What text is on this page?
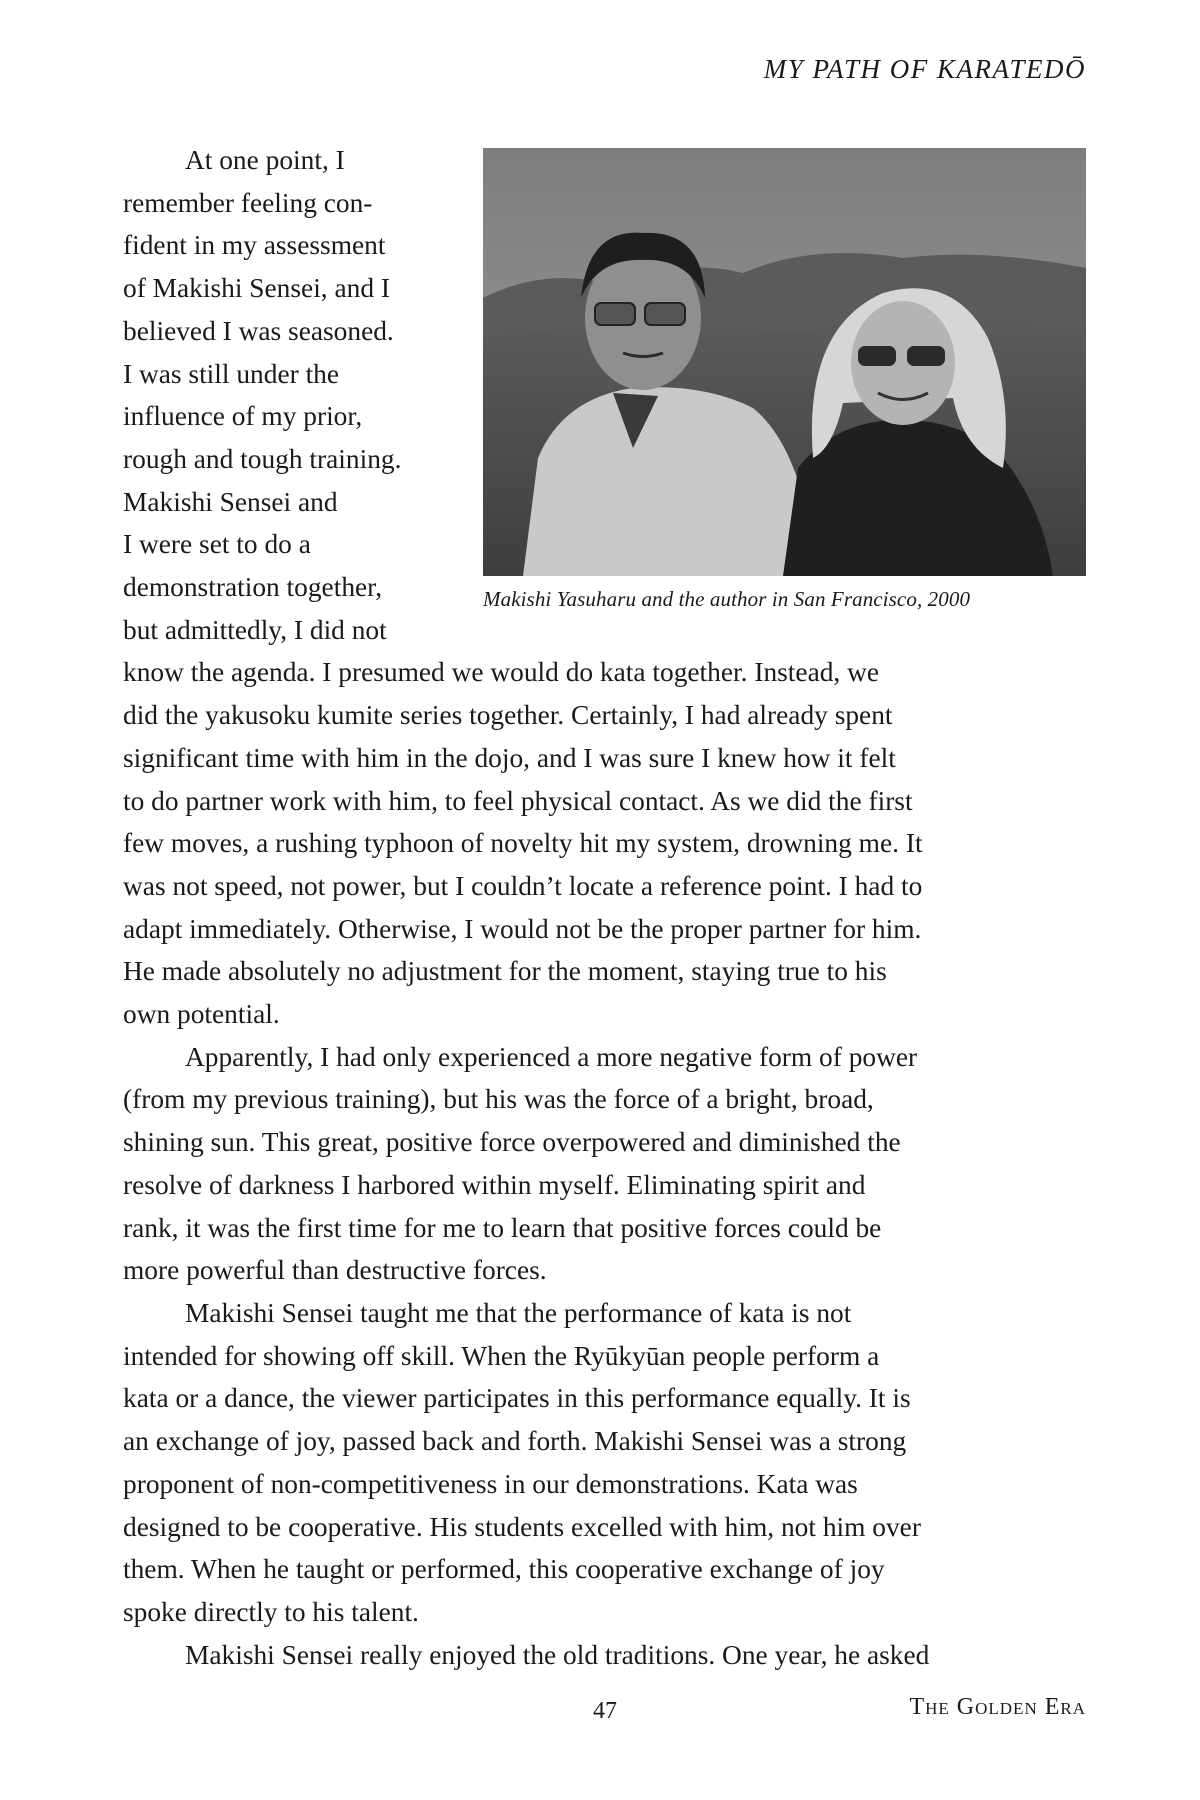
MY PATH OF KARATEDŌ
Makishi Yasuharu and the author in San Francisco, 2000
At one point, I
remember feeling con-
fident in my assessment
of Makishi Sensei, and I
believed I was seasoned.
I was still under the
influence of my prior,
rough and tough training.
Makishi Sensei and
I were set to do a
demonstration together,
but admittedly, I did not
know the agenda. I presumed we would do kata together. Instead, we
did the yakusoku kumite series together. Certainly, I had already spent
significant time with him in the dojo, and I was sure I knew how it felt
to do partner work with him, to feel physical contact. As we did the first
few moves, a rushing typhoon of novelty hit my system, drowning me. It
was not speed, not power, but I couldn’t locate a reference point. I had to
adapt immediately. Otherwise, I would not be the proper partner for him.
He made absolutely no adjustment for the moment, staying true to his
own potential.
Apparently, I had only experienced a more negative form of power
(from my previous training), but his was the force of a bright, broad,
shining sun. This great, positive force overpowered and diminished the
resolve of darkness I harbored within myself. Eliminating spirit and
rank, it was the first time for me to learn that positive forces could be
more powerful than destructive forces.
Makishi Sensei taught me that the performance of kata is not
intended for showing off skill. When the Ryūkyūan people perform a
kata or a dance, the viewer participates in this performance equally. It is
an exchange of joy, passed back and forth. Makishi Sensei was a strong
proponent of non-competitiveness in our demonstrations. Kata was
designed to be cooperative. His students excelled with him, not him over
them. When he taught or performed, this cooperative exchange of joy
spoke directly to his talent.
Makishi Sensei really enjoyed the old traditions. One year, he asked
47	The Golden Era
